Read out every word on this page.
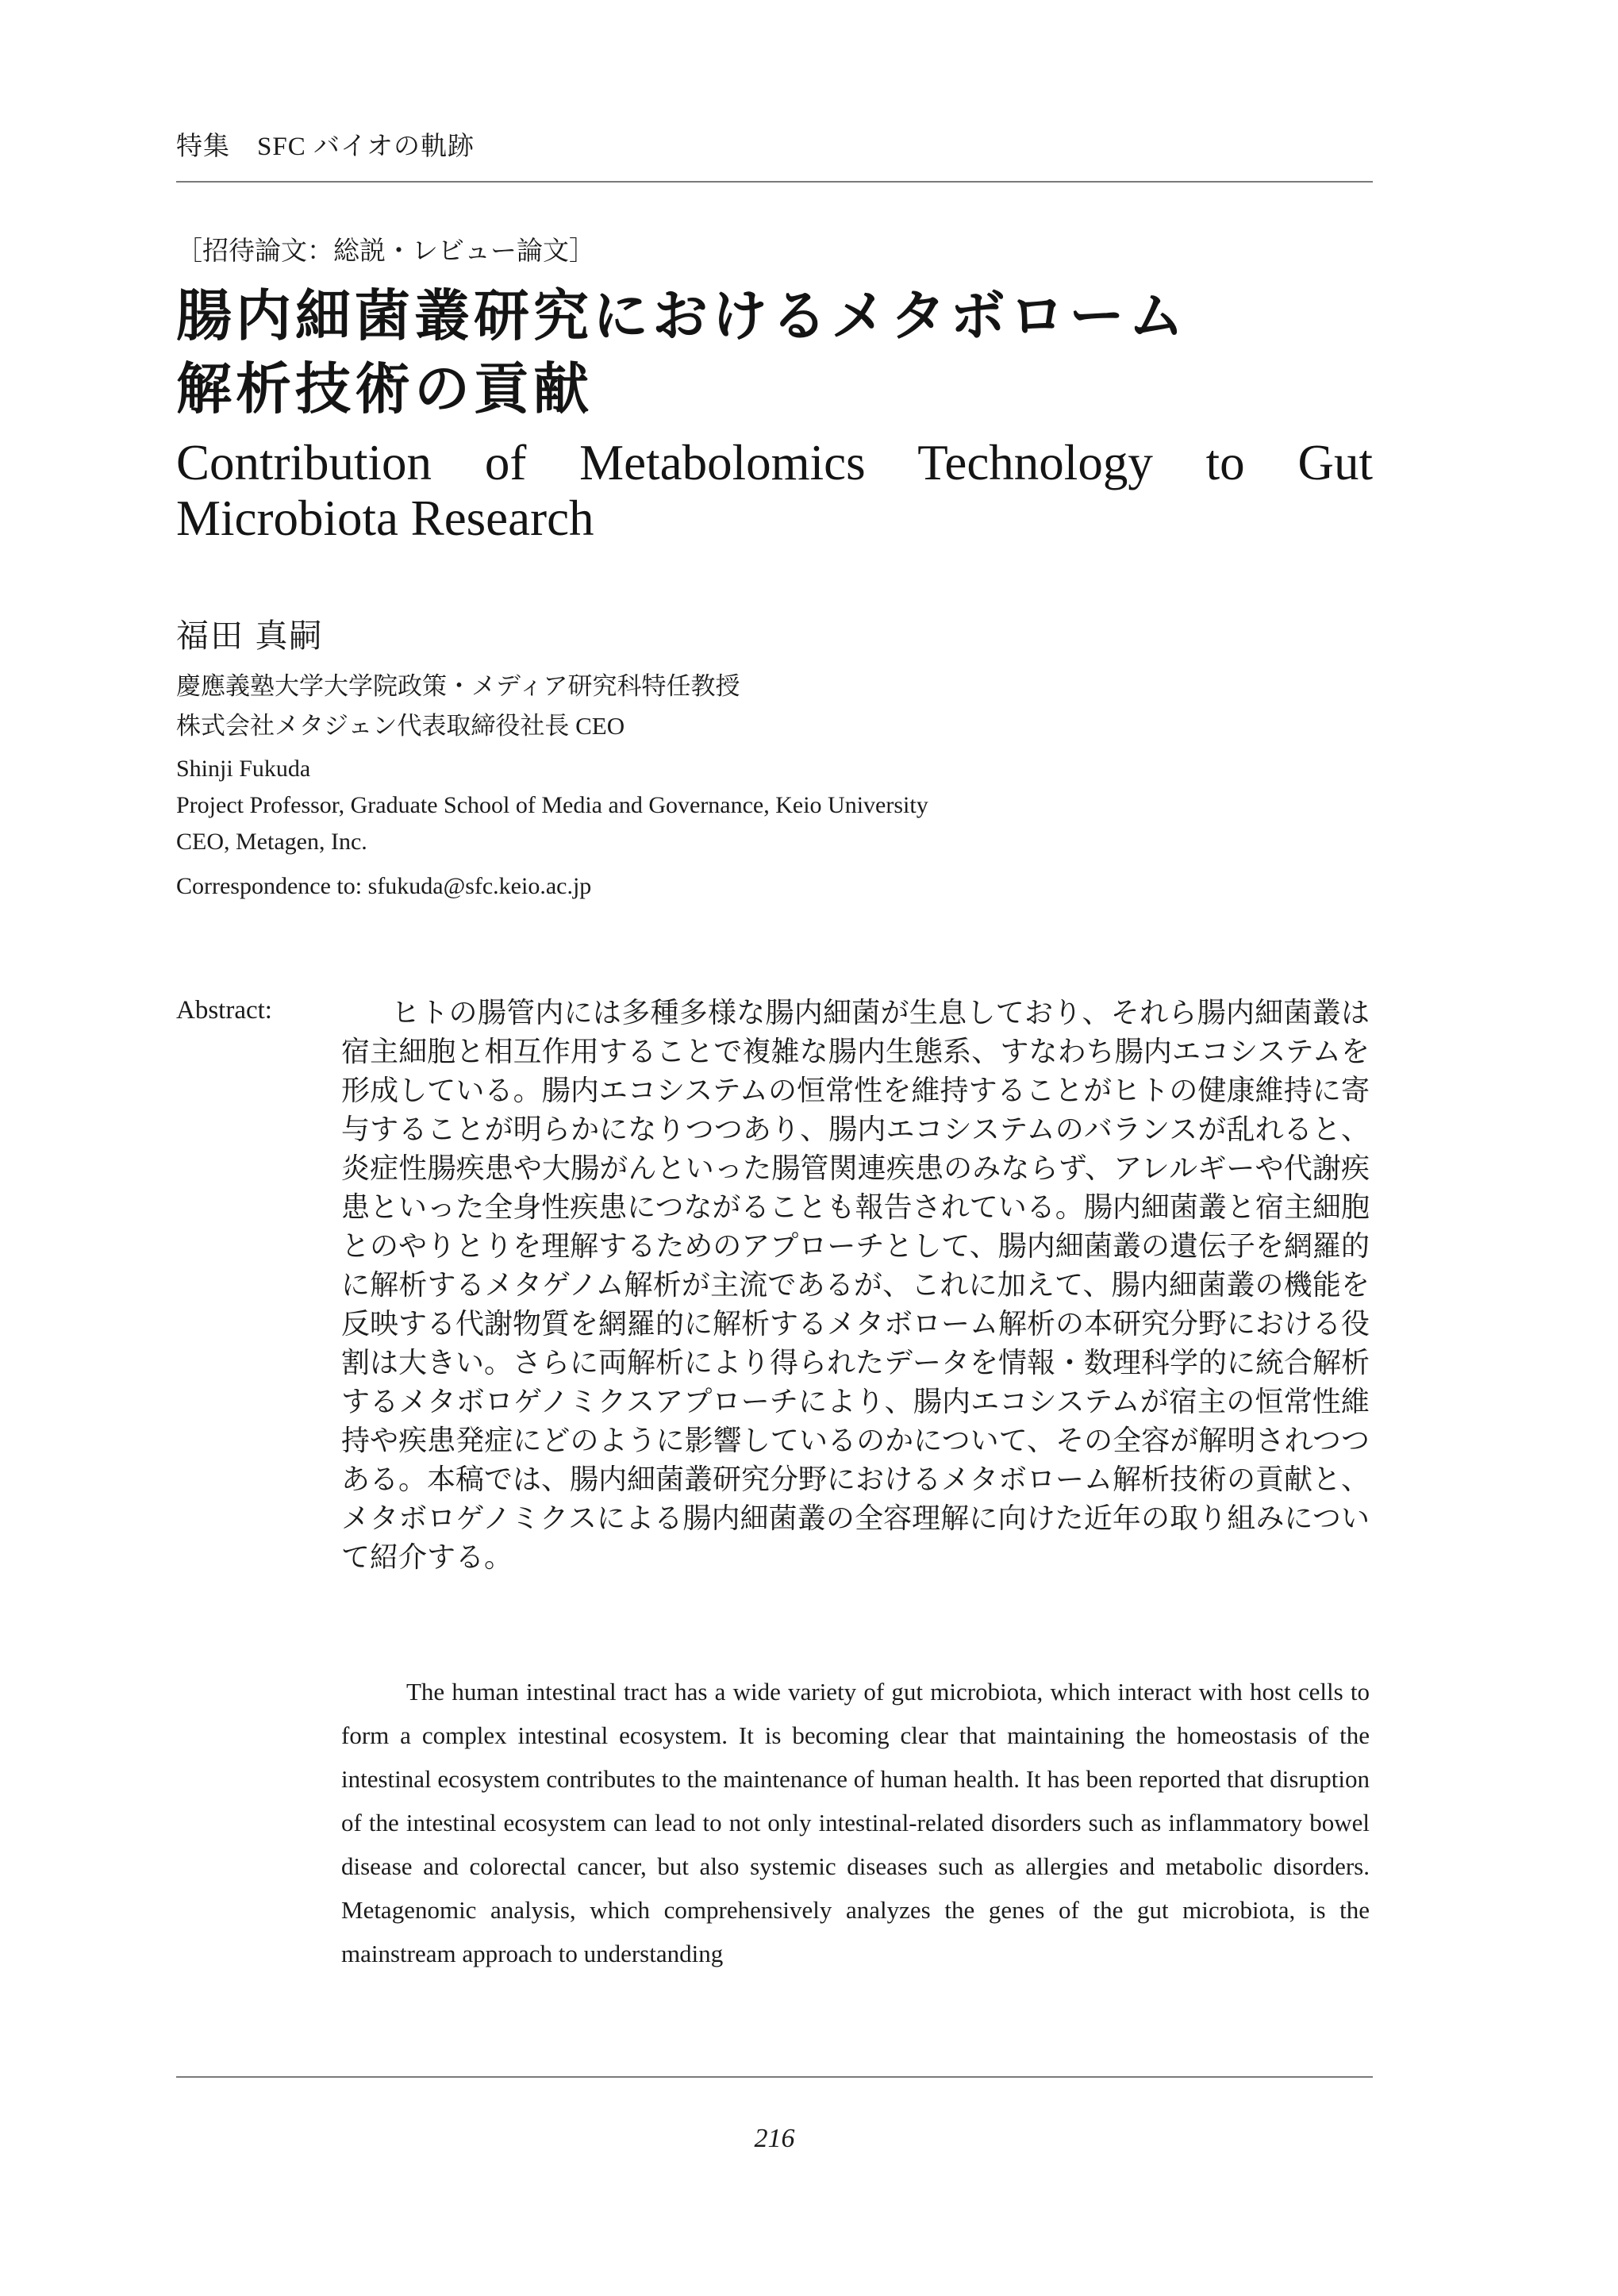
特集　SFC バイオの軌跡
［招待論文：総説・レビュー論文］
腸内細菌叢研究におけるメタボローム
解析技術の貢献
Contribution of Metabolomics Technology to Gut
Microbiota Research
福田 真嗣
慶應義塾大学大学院政策・メディア研究科特任教授
株式会社メタジェン代表取締役社長 CEO
Shinji Fukuda
Project Professor, Graduate School of Media and Governance, Keio University
CEO, Metagen, Inc.
Correspondence to: sfukuda@sfc.keio.ac.jp
Abstract:	ヒトの腸管内には多種多様な腸内細菌が生息しており、それら腸内細菌叢は宿主細胞と相互作用することで複雑な腸内生態系、すなわち腸内エコシステムを形成している。腸内エコシステムの恒常性を維持することがヒトの健康維持に寄与することが明らかになりつつあり、腸内エコシステムのバランスが乱れると、炎症性腸疾患や大腸がんといった腸管関連疾患のみならず、アレルギーや代謝疾患といった全身性疾患につながることも報告されている。腸内細菌叢と宿主細胞とのやりとりを理解するためのアプローチとして、腸内細菌叢の遺伝子を網羅的に解析するメタゲノム解析が主流であるが、これに加えて、腸内細菌叢の機能を反映する代謝物質を網羅的に解析するメタボローム解析の本研究分野における役割は大きい。さらに両解析により得られたデータを情報・数理科学的に統合解析するメタボロゲノミクスアプローチにより、腸内エコシステムが宿主の恒常性維持や疾患発症にどのように影響しているのかについて、その全容が解明されつつある。本稿では、腸内細菌叢研究分野におけるメタボローム解析技術の貢献と、メタボロゲノミクスによる腸内細菌叢の全容理解に向けた近年の取り組みについて紹介する。

The human intestinal tract has a wide variety of gut microbiota, which interact with host cells to form a complex intestinal ecosystem. It is becoming clear that maintaining the homeostasis of the intestinal ecosystem contributes to the maintenance of human health. It has been reported that disruption of the intestinal ecosystem can lead to not only intestinal-related disorders such as inflammatory bowel disease and colorectal cancer, but also systemic diseases such as allergies and metabolic disorders. Metagenomic analysis, which comprehensively analyzes the genes of the gut microbiota, is the mainstream approach to understanding

216
